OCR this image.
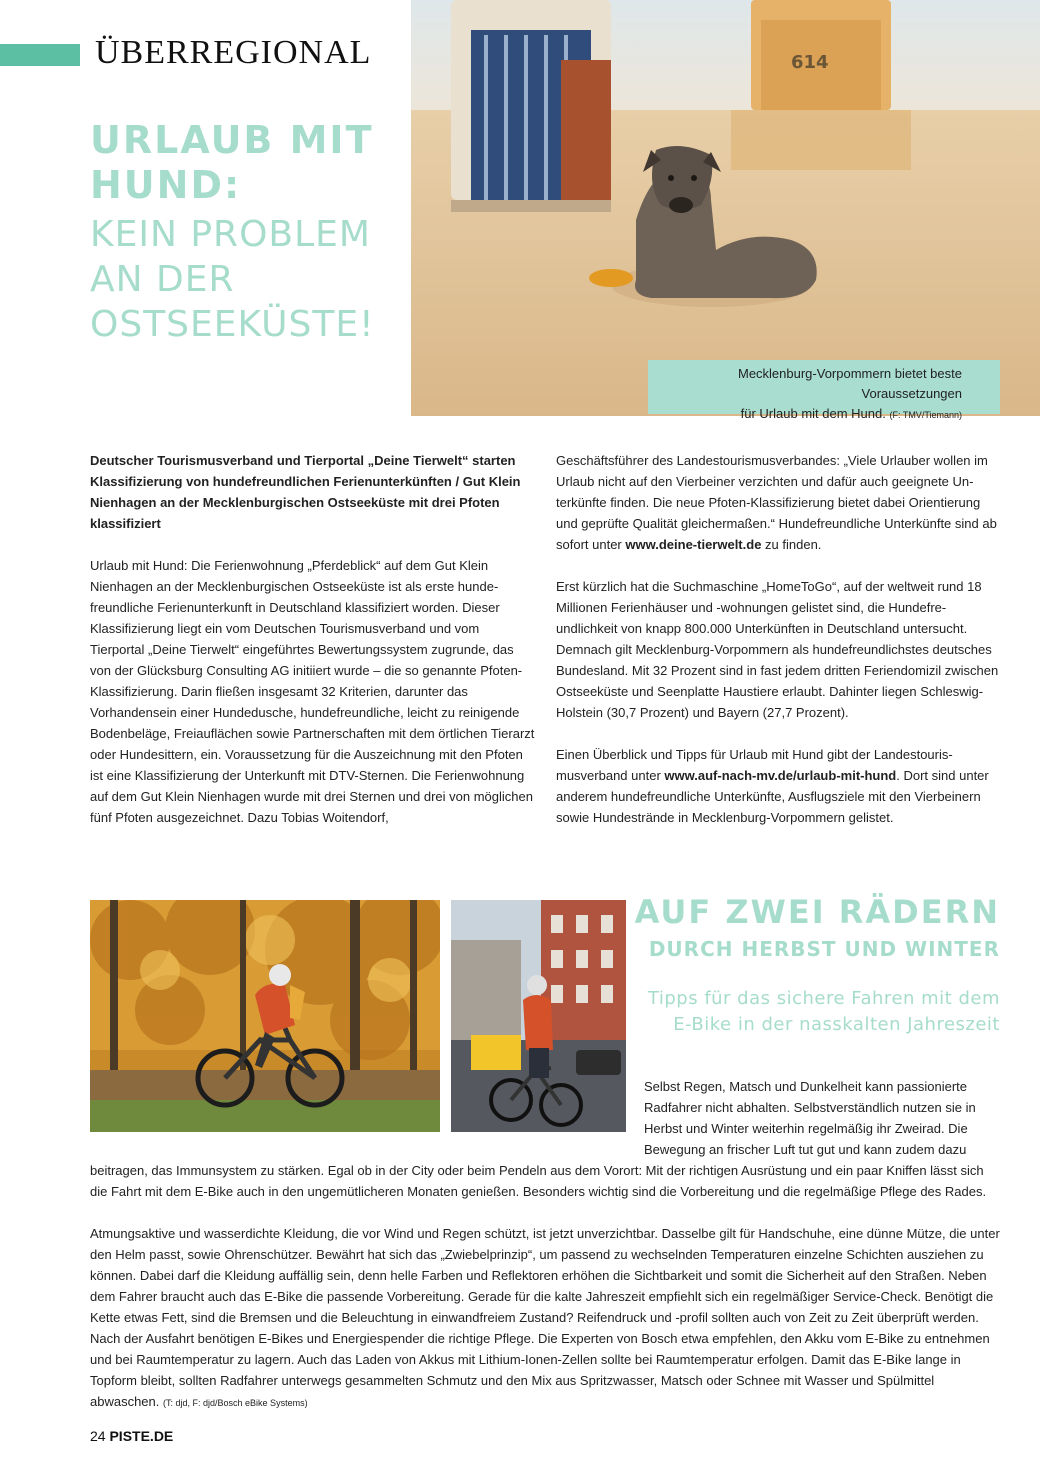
ÜBERREGIONAL
URLAUB MIT
HUND:
KEIN PROBLEM
AN DER
OSTSEEKÜSTE!
614
Mecklenburg-Vorpommern bietet beste Voraussetzungen
für Urlaub mit dem Hund. (F: TMV/Tiemann)

Deutscher Tourismusverband und Tierportal „Deine Tierwelt“ starten Klassifizierung von hundefreundlichen Ferienunterkünften / Gut Klein Nienhagen an der Mecklenburgischen Ostseeküste mit drei Pfoten klassifiziert

Urlaub mit Hund: Die Ferienwohnung „Pferdeblick“ auf dem Gut Klein Nienhagen an der Mecklenburgischen Ostseeküste ist als erste hundefreundliche Ferienunterkunft in Deutschland klassifiziert worden. Dieser Klassifizierung liegt ein vom Deutschen Tourismusverband und vom Tierportal „Deine Tierwelt“ eingeführtes Bewertungssystem zugrunde, das von der Glücksburg Consulting AG initiiert wurde – die so genannte Pfoten-Klassifizierung. Darin fließen insgesamt 32 Kriterien, darunter das Vorhandensein einer Hundedusche, hundefreundliche, leicht zu reinigende Bodenbeläge, Freiauflächen sowie Partnerschaften mit dem örtlichen Tierarzt oder Hundesittern, ein. Voraussetzung für die Auszeichnung mit den Pfoten ist eine Klassifizierung der Unterkunft mit DTV-Sternen. Die Ferienwohnung auf dem Gut Klein Nienhagen wurde mit drei Sternen und drei von möglichen fünf Pfoten ausgezeichnet. Dazu Tobias Woitendorf,

Geschäftsführer des Landestourismusverbandes: „Viele Urlauber wollen im Urlaub nicht auf den Vierbeiner verzichten und dafür auch geeignete Unterkünfte finden. Die neue Pfoten-Klassifizierung bietet dabei Orientierung und geprüfte Qualität gleichermaßen.“ Hundefreundliche Unterkünfte sind ab sofort unter www.deine-tierwelt.de zu finden.

Erst kürzlich hat die Suchmaschine „HomeToGo“, auf der weltweit rund 18 Millionen Ferienhäuser und -wohnungen gelistet sind, die Hundefreundlichkeit von knapp 800.000 Unterkünften in Deutschland untersucht. Demnach gilt Mecklenburg-Vorpommern als hundefreundlichstes deutsches Bundesland. Mit 32 Prozent sind in fast jedem dritten Feriendomizil zwischen Ostseeküste und Seenplatte Haustiere erlaubt. Dahinter liegen Schleswig-Holstein (30,7 Prozent) und Bayern (27,7 Prozent).

Einen Überblick und Tipps für Urlaub mit Hund gibt der Landestourismusverband unter www.auf-nach-mv.de/urlaub-mit-hund. Dort sind unter anderem hundefreundliche Unterkünfte, Ausflugsziele mit den Vierbeinern sowie Hundestrände in Mecklenburg-Vorpommern gelistet.

AUF ZWEI RÄDERN
DURCH HERBST UND WINTER
Tipps für das sichere Fahren mit dem
E-Bike in der nasskalten Jahreszeit
Selbst Regen, Matsch und Dunkelheit kann passionierte Radfahrer nicht abhalten. Selbstverständlich nutzen sie in Herbst und Winter weiterhin regelmäßig ihr Zweirad. Die Bewegung an frischer Luft tut gut und kann zudem dazu

beitragen, das Immunsystem zu stärken. Egal ob in der City oder beim Pendeln aus dem Vorort: Mit der richtigen Ausrüstung und ein paar Kniffen lässt sich die Fahrt mit dem E-Bike auch in den ungemütlicheren Monaten genießen. Besonders wichtig sind die Vorbereitung und die regelmäßige Pflege des Rades.

Atmungsaktive und wasserdichte Kleidung, die vor Wind und Regen schützt, ist jetzt unverzichtbar. Dasselbe gilt für Handschuhe, eine dünne Mütze, die unter den Helm passt, sowie Ohrenschützer. Bewährt hat sich das „Zwiebelprinzip“, um passend zu wechselnden Temperaturen einzelne Schichten ausziehen zu können. Dabei darf die Kleidung auffällig sein, denn helle Farben und Reflektoren erhöhen die Sichtbarkeit und somit die Sicherheit auf den Straßen. Neben dem Fahrer braucht auch das E-Bike die passende Vorbereitung. Gerade für die kalte Jahreszeit empfiehlt sich ein regelmäßiger Service-Check. Benötigt die Kette etwas Fett, sind die Bremsen und die Beleuchtung in einwandfreiem Zustand? Reifendruck und -profil sollten auch von Zeit zu Zeit überprüft werden. Nach der Ausfahrt benötigen E-Bikes und Energiespender die richtige Pflege. Die Experten von Bosch etwa empfehlen, den Akku vom E-Bike zu entnehmen und bei Raumtemperatur zu lagern. Auch das Laden von Akkus mit Lithium-Ionen-Zellen sollte bei Raumtemperatur erfolgen. Damit das E-Bike lange in Topform bleibt, sollten Radfahrer unterwegs gesammelten Schmutz und den Mix aus Spritzwasser, Matsch oder Schnee mit Wasser und Spülmittel abwaschen. (T: djd, F: djd/Bosch eBike Systems)

24 PISTE.DE
